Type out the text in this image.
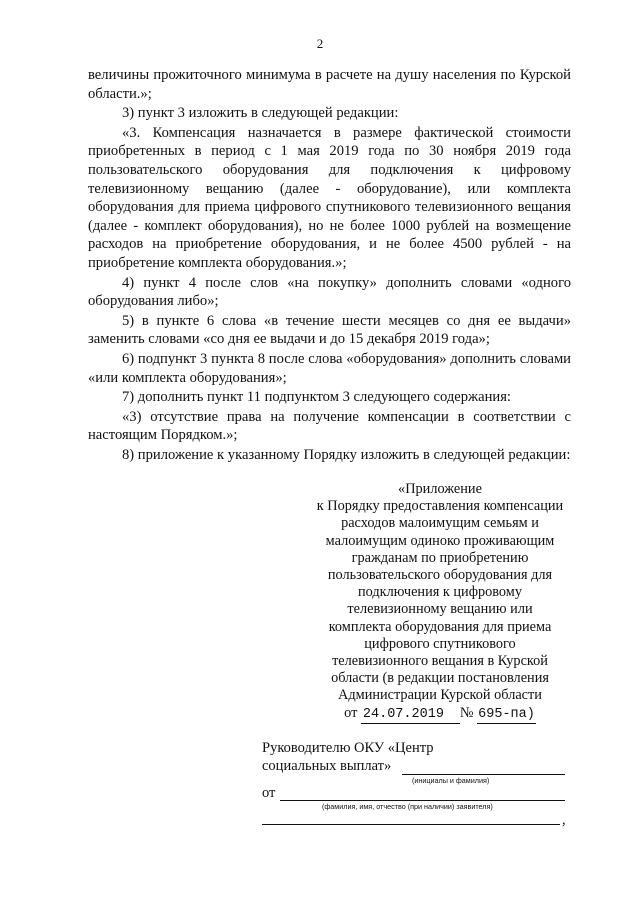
2

величины прожиточного минимума в расчете на душу населения по Курской области.»;

3) пункт 3 изложить в следующей редакции:

«3. Компенсация назначается в размере фактической стоимости приобретенных в период с 1 мая 2019 года по 30 ноября 2019 года пользовательского оборудования для подключения к цифровому телевизионному вещанию (далее - оборудование), или комплекта оборудования для приема цифрового спутникового телевизионного вещания (далее - комплект оборудования), но не более 1000 рублей на возмещение расходов на приобретение оборудования, и не более 4500 рублей - на приобретение комплекта оборудования.»;

4) пункт 4 после слов «на покупку» дополнить словами «одного оборудования либо»;

5) в пункте 6 слова «в течение шести месяцев со дня ее выдачи» заменить словами «со дня ее выдачи и до 15 декабря 2019 года»;

6) подпункт 3 пункта 8 после слова «оборудования» дополнить словами «или комплекта оборудования»;

7) дополнить пункт 11 подпунктом 3 следующего содержания:

«3) отсутствие права на получение компенсации в соответствии с настоящим Порядком.»;

8) приложение к указанному Порядку изложить в следующей редакции:

«Приложение
к Порядку предоставления компенсации
расходов малоимущим семьям и
малоимущим одиноко проживающим
гражданам по приобретению
пользовательского оборудования для
подключения к цифровому
телевизионному вещанию или
комплекта оборудования для приема
цифрового спутникового
телевизионного вещания в Курской
области (в редакции постановления
Администрации Курской области
от 24.07.2019 № 695-па)
Руководителю ОКУ «Центр
социальных выплат»
(инициалы и фамилия)
от
(фамилия, имя, отчество (при наличии) заявителя)
,
